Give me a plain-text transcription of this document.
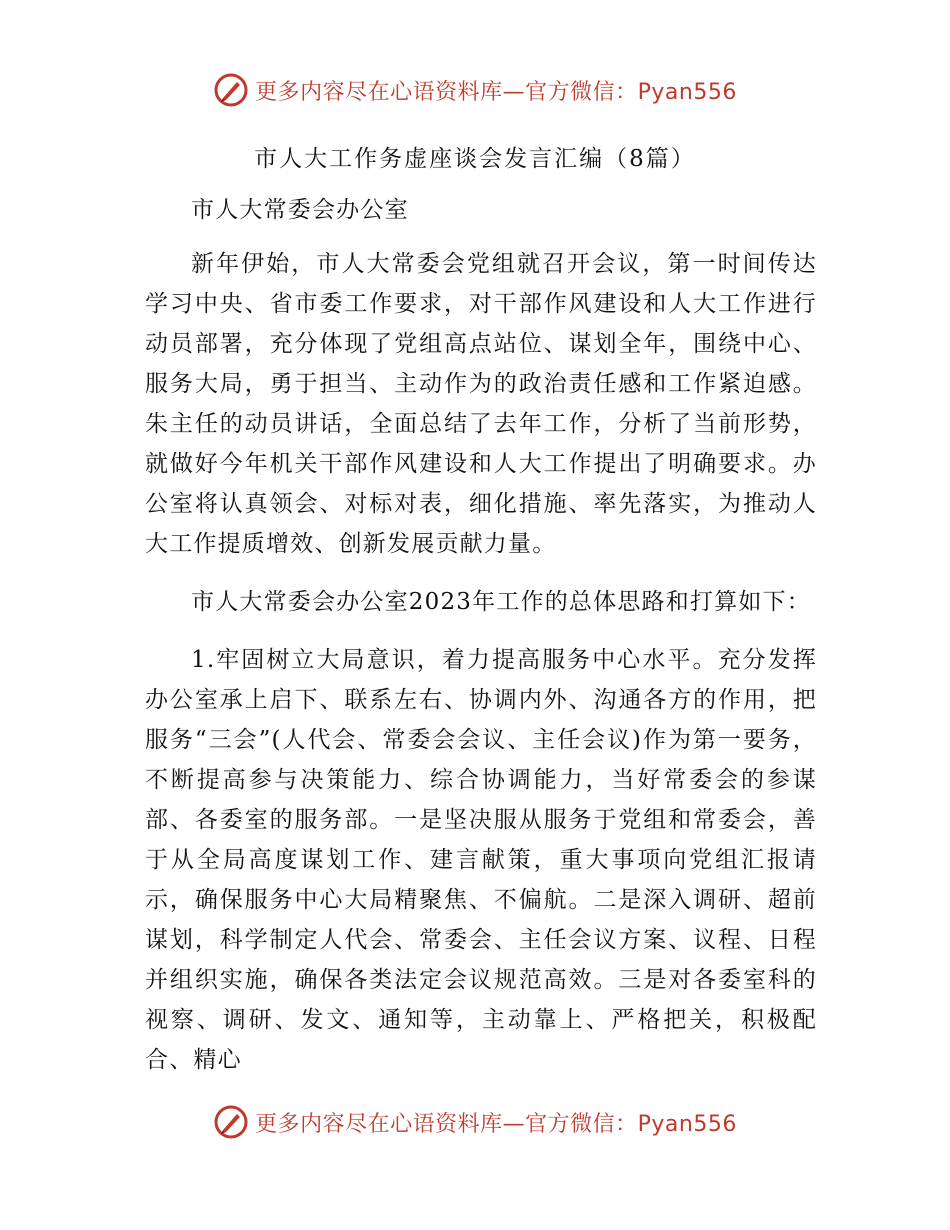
更多内容尽在心语资料库—官方微信：Pyan556
市人大工作务虚座谈会发言汇编（8篇）

市人大常委会办公室

新年伊始，市人大常委会党组就召开会议，第一时间传达学习中央、省市委工作要求，对干部作风建设和人大工作进行动员部署，充分体现了党组高点站位、谋划全年，围绕中心、服务大局，勇于担当、主动作为的政治责任感和工作紧迫感。朱主任的动员讲话，全面总结了去年工作，分析了当前形势，就做好今年机关干部作风建设和人大工作提出了明确要求。办公室将认真领会、对标对表，细化措施、率先落实，为推动人大工作提质增效、创新发展贡献力量。

市人大常委会办公室2023年工作的总体思路和打算如下：

1.牢固树立大局意识，着力提高服务中心水平。充分发挥办公室承上启下、联系左右、协调内外、沟通各方的作用，把服务“三会”(人代会、常委会会议、主任会议)作为第一要务，不断提高参与决策能力、综合协调能力，当好常委会的参谋部、各委室的服务部。一是坚决服从服务于党组和常委会，善于从全局高度谋划工作、建言献策，重大事项向党组汇报请示，确保服务中心大局精聚焦、不偏航。二是深入调研、超前谋划，科学制定人代会、常委会、主任会议方案、议程、日程并组织实施，确保各类法定会议规范高效。三是对各委室科的视察、调研、发文、通知等，主动靠上、严格把关，积极配合、精心

更多内容尽在心语资料库—官方微信：Pyan556
